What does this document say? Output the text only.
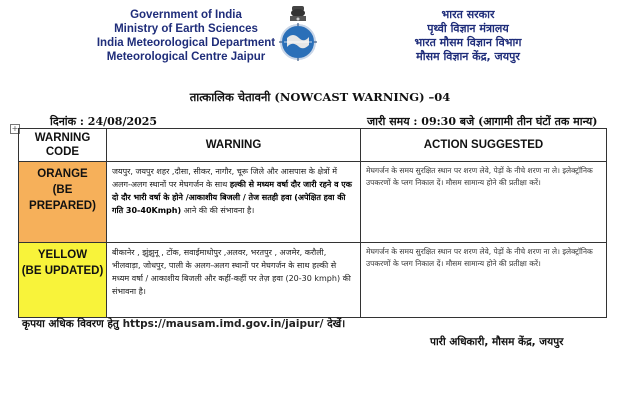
Government of India
Ministry of Earth Sciences
India Meteorological Department
Meteorological Centre Jaipur
भारत सरकार
पृथ्वी विज्ञान मंत्रालय
भारत मौसम विज्ञान विभाग
मौसम विज्ञान केंद्र, जयपुर
तात्कालिक चेतावनी (NOWCAST WARNING) –04
दिनांक : 24/08/2025	जारी समय : 09:30 बजे (आगामी तीन घंटों तक मान्य)
+
WARNING CODE	WARNING	ACTION SUGGESTED

ORANGE
(BE PREPARED)	जयपुर, जयपुर शहर ,दौसा, सीकर, नागौर, चूरू जिले और आसपास के क्षेत्रों में अलग-अलग स्थानों पर मेघगर्जन के साथ हल्की से मध्यम वर्षा दौर जारी रहने व एक दो दौर भारी वर्षा के होने /आकाशीय बिजली / तेज सतही हवा (अपेक्षित हवा की गति 30-40Kmph) आने की की संभावना है।	मेघगर्जन के समय सुरक्षित स्थान पर शरण लेवे, पेड़ों के नीचे शरण ना ले। इलेक्ट्रॉनिक उपकरणों के प्लग निकाल दें। मौसम सामान्य होने की प्रतीक्षा करें।

YELLOW
(BE UPDATED)	बीकानेर , झुंझुनू , टोंक, सवाईमाधोपुर ,अलवर, भरतपुर , अजमेर, करौली, भीलवाड़ा, जोधपुर, पाली के अलग-अलग स्थानों पर मेघगर्जन के साथ हल्की से मध्यम वर्षा / आकाशीय बिजली और कहीं-कहीं पर तेज़ हवा (20-30 kmph) की संभावना है।	मेघगर्जन के समय सुरक्षित स्थान पर शरण लेवे, पेड़ों के नीचे शरण ना ले। इलेक्ट्रॉनिक उपकरणों के प्लग निकाल दें। मौसम सामान्य होने की प्रतीक्षा करें।
कृपया अधिक विवरण हेतु https://mausam.imd.gov.in/jaipur/ देखें।
पारी अधिकारी, मौसम केंद्र, जयपुर
